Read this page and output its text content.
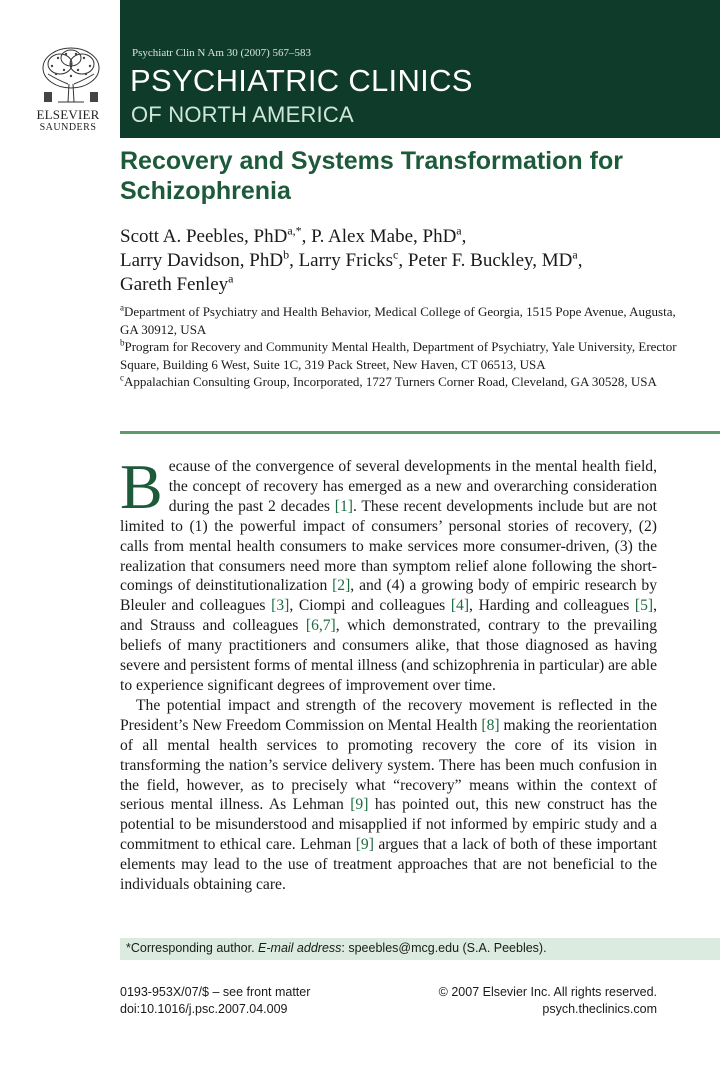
ELSEVIER
SAUNDERS
Psychiatr Clin N Am 30 (2007) 567–583
PSYCHIATRIC CLINICS
OF NORTH AMERICA
Recovery and Systems Transformation for Schizophrenia
Scott A. Peebles, PhD$^{a,*}$, P. Alex Mabe, PhD$^a$,
Larry Davidson, PhD$^b$, Larry Fricks$^c$, Peter F. Buckley, $MD^a$,
Gareth Fenley$^a$
$^a$Department of Psychiatry and Health Behavior, Medical College of Georgia, 1515 Pope Avenue, Augusta, GA 30912, USA
$^b$Program for Recovery and Community Mental Health, Department of Psychiatry, Yale University, Erector Square, Building 6 West, Suite 1C, 319 Pack Street, New Haven, CT 06513, USA
$^c$Appalachian Consulting Group, Incorporated, 1727 Turners Corner Road, Cleveland, GA 30528, USA

Because of the convergence of several developments in the mental health field, the concept of recovery has emerged as a new and overarching consideration during the past 2 decades [1]. These recent developments include but are not limited to (1) the powerful impact of consumers’ personal stories of recovery, (2) calls from mental health consumers to make services more consumer-driven, (3) the realization that consumers need more than symptom relief alone following the short-comings of deinstitutionalization [2], and (4) a growing body of empiric research by Bleuler and colleagues [3], Ciompi and colleagues [4], Harding and colleagues [5], and Strauss and colleagues [6,7], which demonstrated, contrary to the prevailing beliefs of many practitioners and consumers alike, that those diagnosed as having severe and persistent forms of mental illness (and schizophrenia in particular) are able to experience significant degrees of improvement over time.

The potential impact and strength of the recovery movement is reflected in the President’s New Freedom Commission on Mental Health [8] making the reorientation of all mental health services to promoting recovery the core of its vision in transforming the nation’s service delivery system. There has been much confusion in the field, however, as to precisely what “recovery” means within the context of serious mental illness. As Lehman [9] has pointed out, this new construct has the potential to be misunderstood and misapplied if not informed by empiric study and a commitment to ethical care. Lehman [9] argues that a lack of both of these important elements may lead to the use of treatment approaches that are not beneficial to the individuals obtaining care.

*Corresponding author. E-mail address: speebles@mcg.edu (S.A. Peebles).
0193-953X/07/$ – see front matter
doi:10.1016/j.psc.2007.04.009
© 2007 Elsevier Inc. All rights reserved.
psych.theclinics.com
